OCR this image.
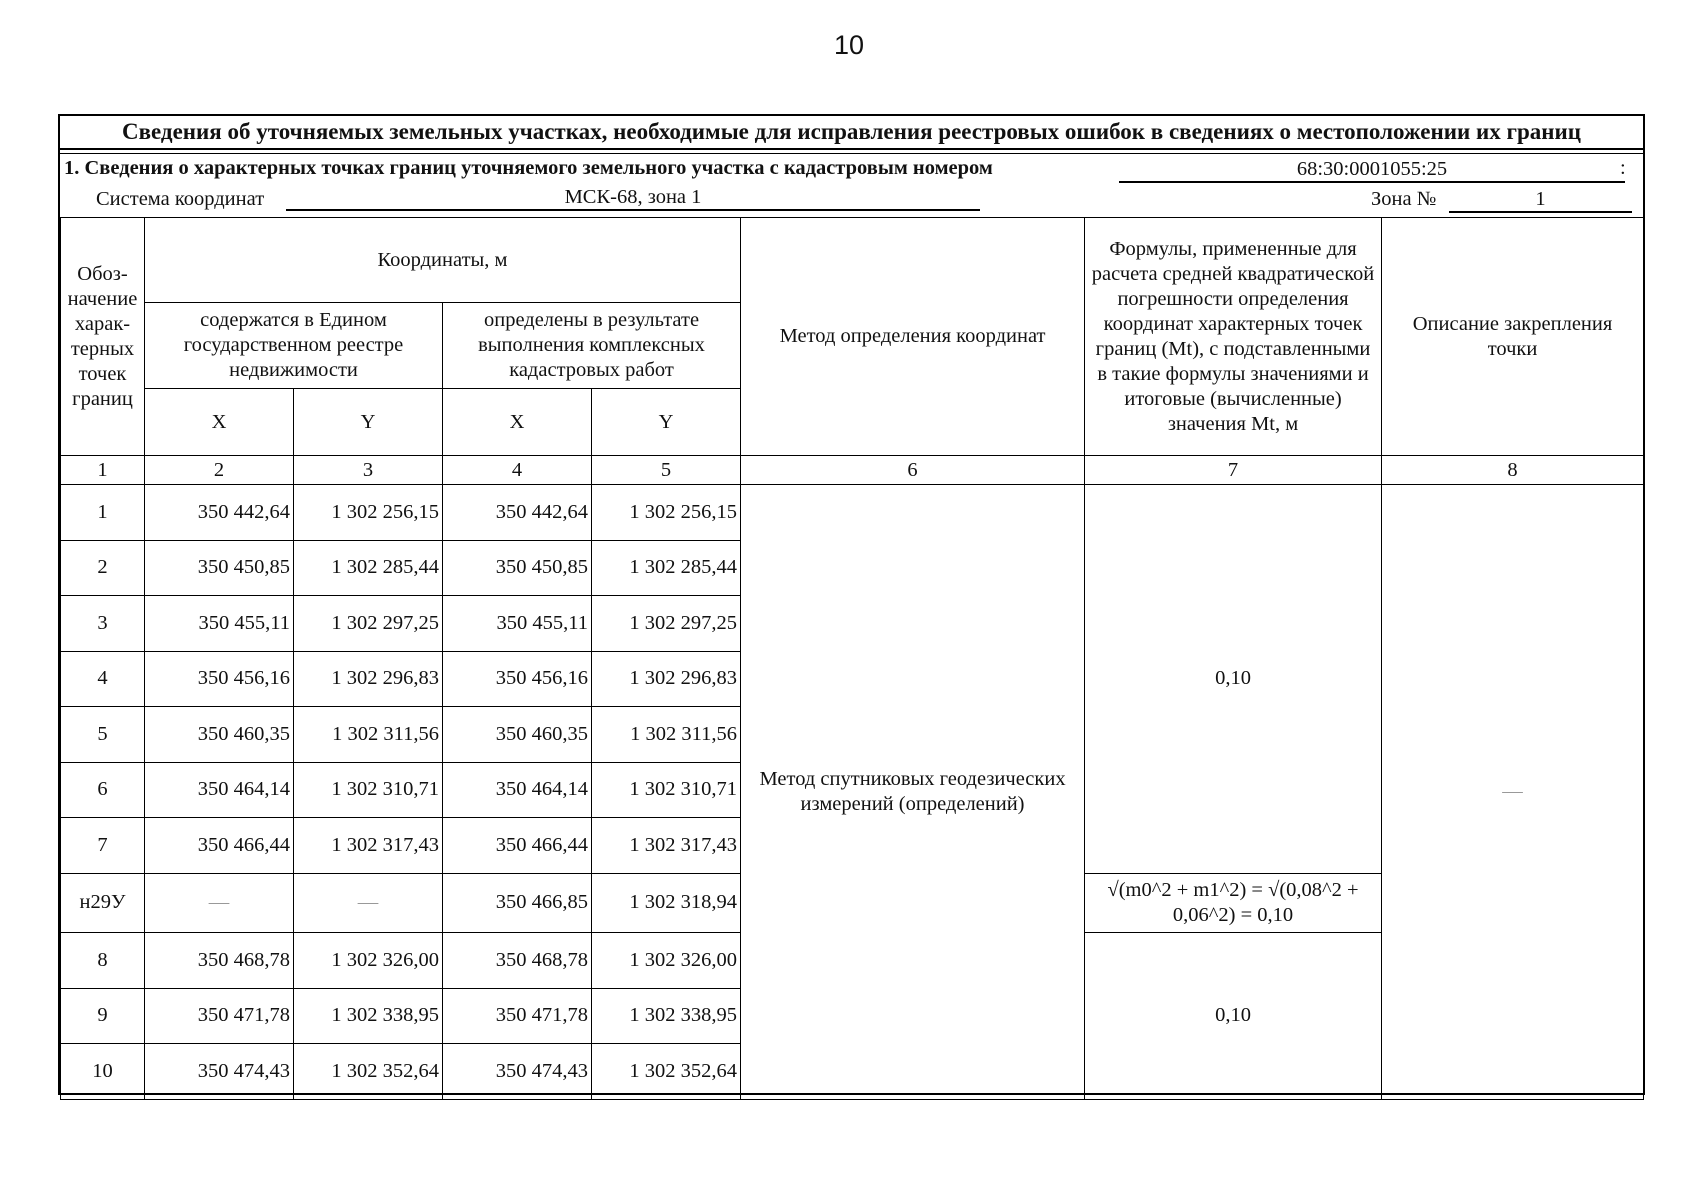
10
Сведения об уточняемых земельных участках, необходимые для исправления реестровых ошибок в сведениях о местоположении их границ
1. Сведения о характерных точках границ уточняемого земельного участка с кадастровым номером	68:30:0001055:25	:
Система координат	МСК-68, зона 1	Зона №	1
Обоз-начение харак-терных точек границ	Координаты, м				Метод определения координат	Формулы, примененные для расчета средней квадратической погрешности определения координат характерных точек границ (Mt), с подставленными в такие формулы значениями и итоговые (вычисленные) значения Mt, м	Описание закрепления точки
	содержатся в Едином государственном реестре недвижимости		определены в результате выполнения комплексных кадастровых работ				
	X	Y	X	Y			
1	2	3	4	5	6	7	8
1	350 442,64	1 302 256,15	350 442,64	1 302 256,15	Метод спутниковых геодезических измерений (определений)	0,10	—
2	350 450,85	1 302 285,44	350 450,85	1 302 285,44			
3	350 455,11	1 302 297,25	350 455,11	1 302 297,25			
4	350 456,16	1 302 296,83	350 456,16	1 302 296,83			
5	350 460,35	1 302 311,56	350 460,35	1 302 311,56			
6	350 464,14	1 302 310,71	350 464,14	1 302 310,71			
7	350 466,44	1 302 317,43	350 466,44	1 302 317,43			
н29У	—	—	350 466,85	1 302 318,94		√(m0^2 + m1^2) = √(0,08^2 + 0,06^2) = 0,10	
8	350 468,78	1 302 326,00	350 468,78	1 302 326,00		0,10	
9	350 471,78	1 302 338,95	350 471,78	1 302 338,95			
10	350 474,43	1 302 352,64	350 474,43	1 302 352,64			
